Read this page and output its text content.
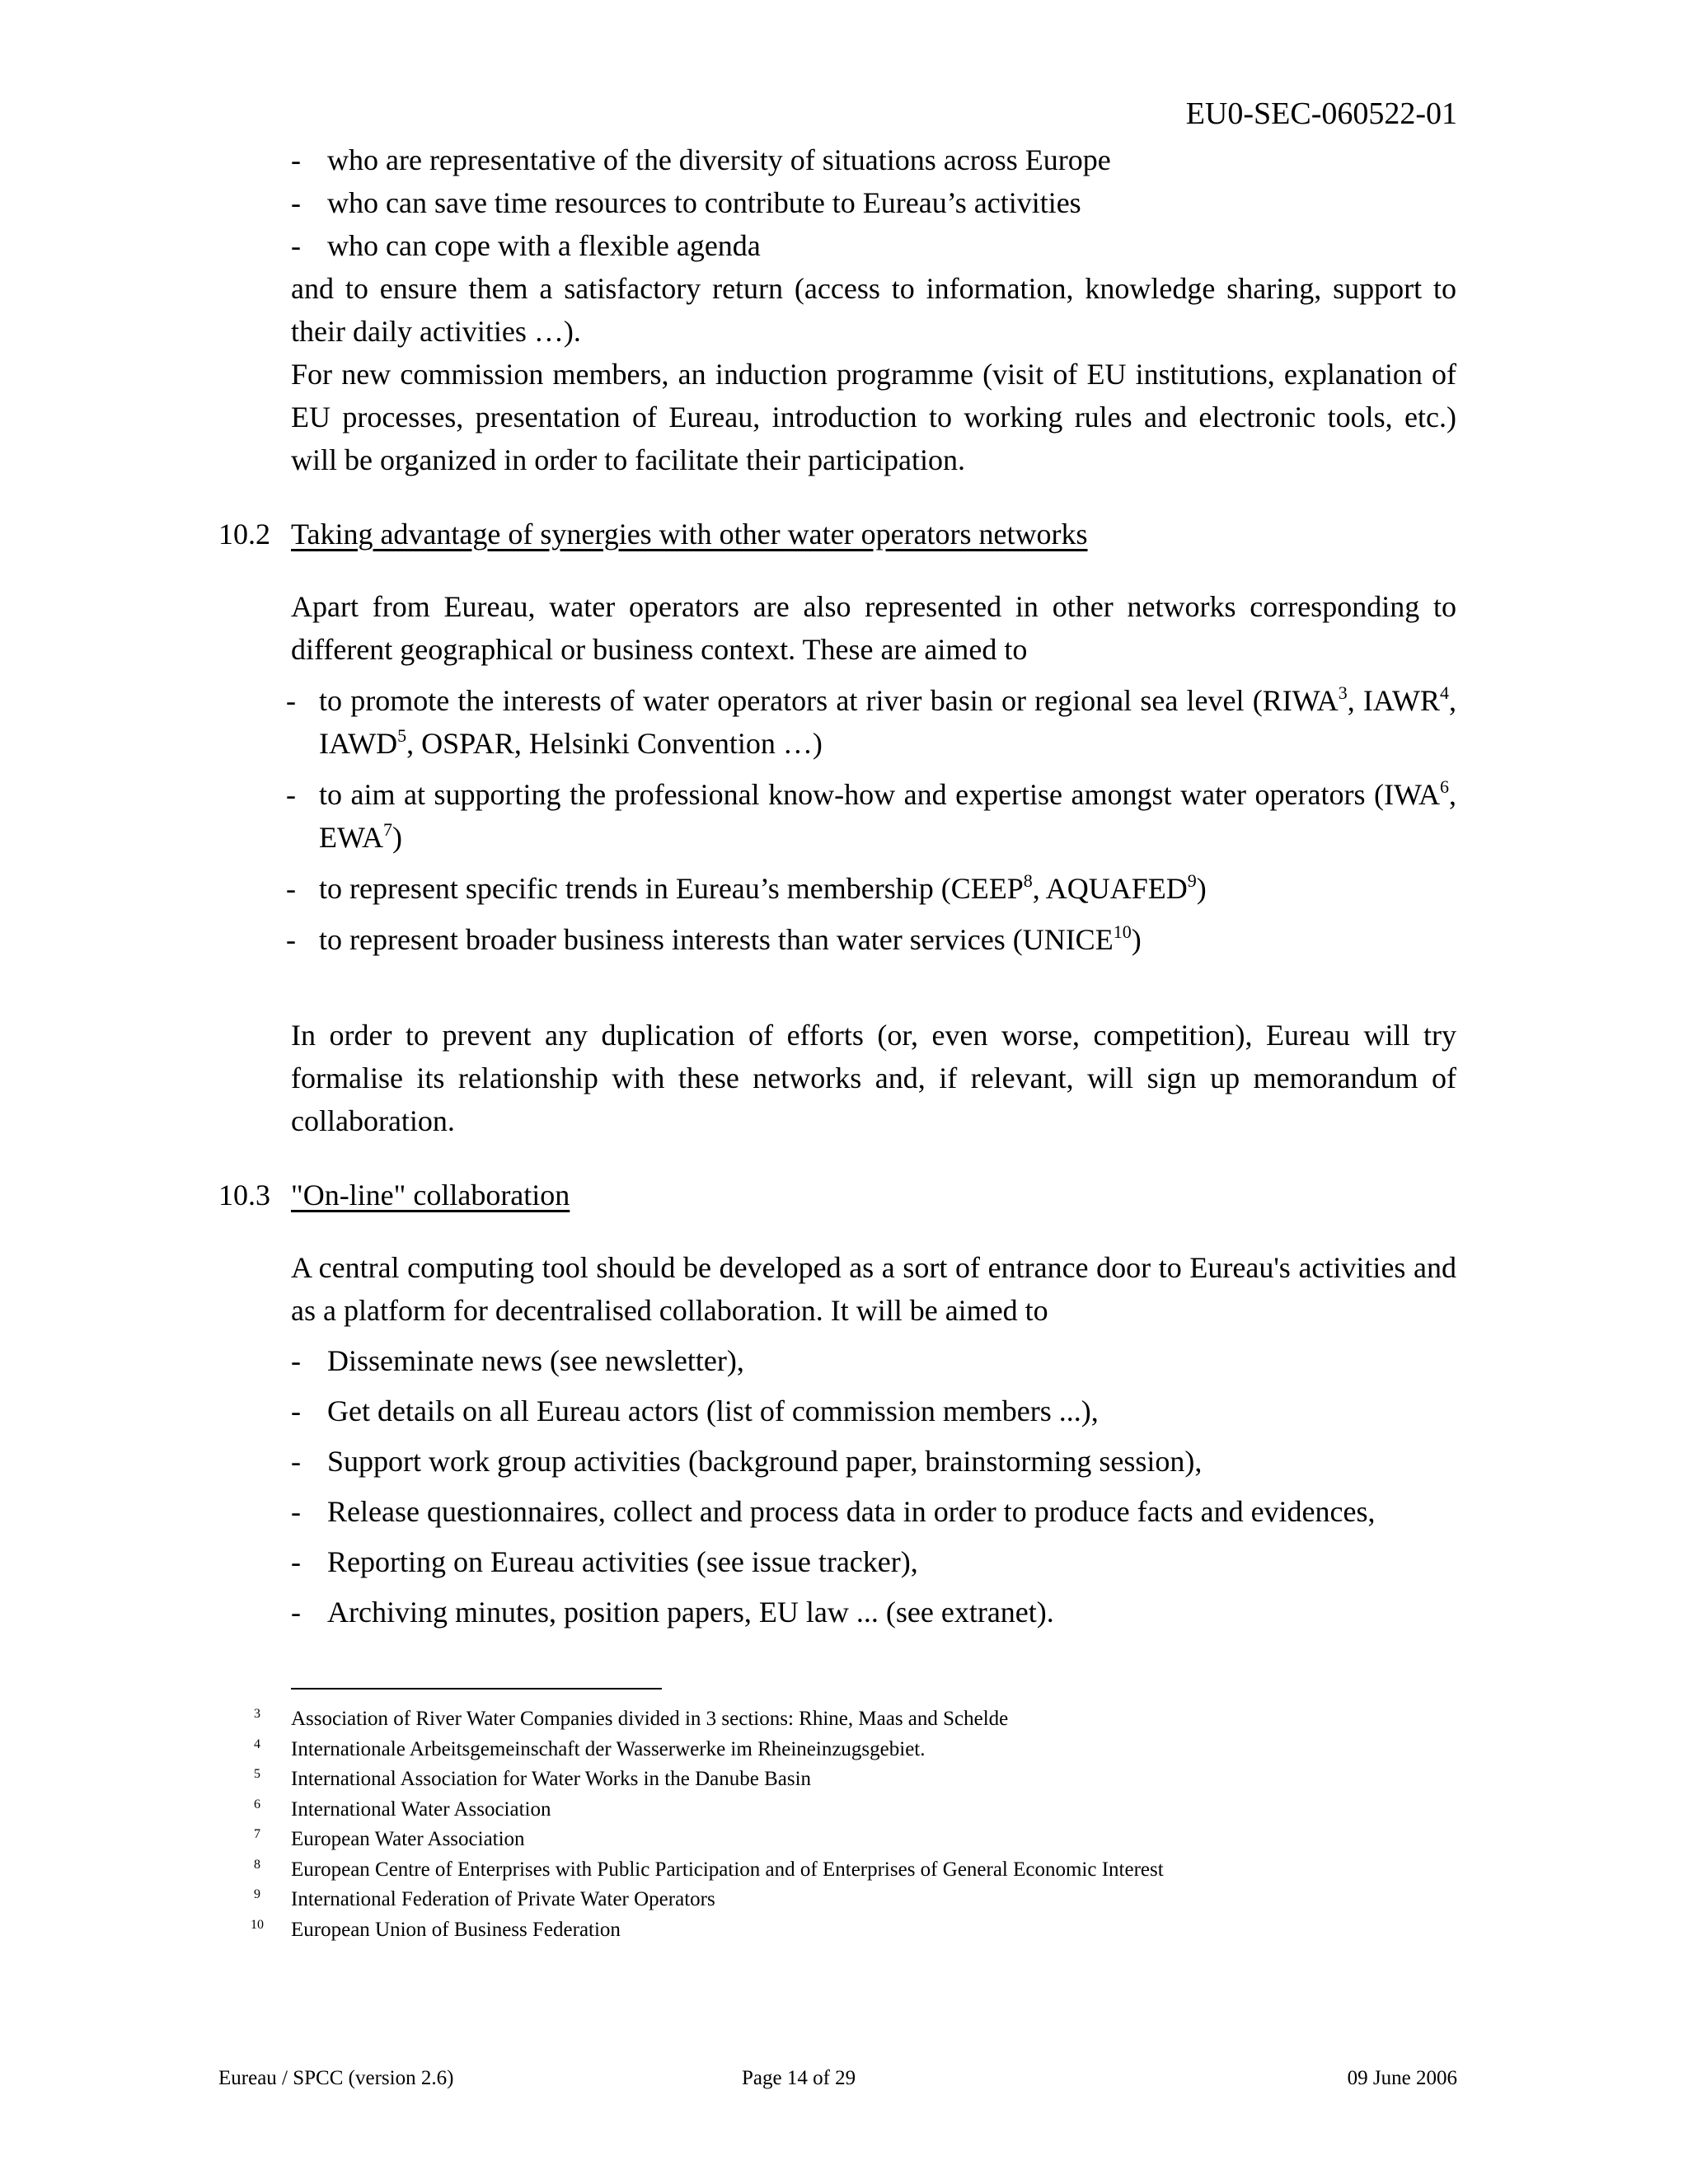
EU0-SEC-060522-01
- who are representative of the diversity of situations across Europe
- who can save time resources to contribute to Eureau’s activities
- who can cope with a flexible agenda
and to ensure them a satisfactory return (access to information, knowledge sharing, support to their daily activities …).
For new commission members, an induction programme (visit of EU institutions, explanation of EU processes, presentation of Eureau, introduction to working rules and electronic tools, etc.) will be organized in order to facilitate their participation.
10.2 Taking advantage of synergies with other water operators networks
Apart from Eureau, water operators are also represented in other networks corresponding to different geographical or business context. These are aimed to
- to promote the interests of water operators at river basin or regional sea level (RIWA$^3$, IAWR$^4$, IAWD$^5$, OSPAR, Helsinki Convention …)
- to aim at supporting the professional know-how and expertise amongst water operators (IWA$^6$, EWA$^7$)
- to represent specific trends in Eureau’s membership (CEEP$^8$, AQUAFED$^9$)
- to represent broader business interests than water services (UNICE$^{10}$)
In order to prevent any duplication of efforts (or, even worse, competition), Eureau will try formalise its relationship with these networks and, if relevant, will sign up memorandum of collaboration.
10.3 "On-line" collaboration
A central computing tool should be developed as a sort of entrance door to Eureau's activities and as a platform for decentralised collaboration. It will be aimed to
- Disseminate news (see newsletter),
- Get details on all Eureau actors (list of commission members ...),
- Support work group activities (background paper, brainstorming session),
- Release questionnaires, collect and process data in order to produce facts and evidences,
- Reporting on Eureau activities (see issue tracker),
- Archiving minutes, position papers, EU law ... (see extranet).
3	Association of River Water Companies divided in 3 sections: Rhine, Maas and Schelde
4	Internationale Arbeitsgemeinschaft der Wasserwerke im Rheineinzugsgebiet.
5	International Association for Water Works in the Danube Basin
6	International Water Association
7	European Water Association
8	European Centre of Enterprises with Public Participation and of Enterprises of General Economic Interest
9	International Federation of Private Water Operators
10	European Union of Business Federation
Eureau / SPCC (version 2.6)	Page 14 of 29	09 June 2006
